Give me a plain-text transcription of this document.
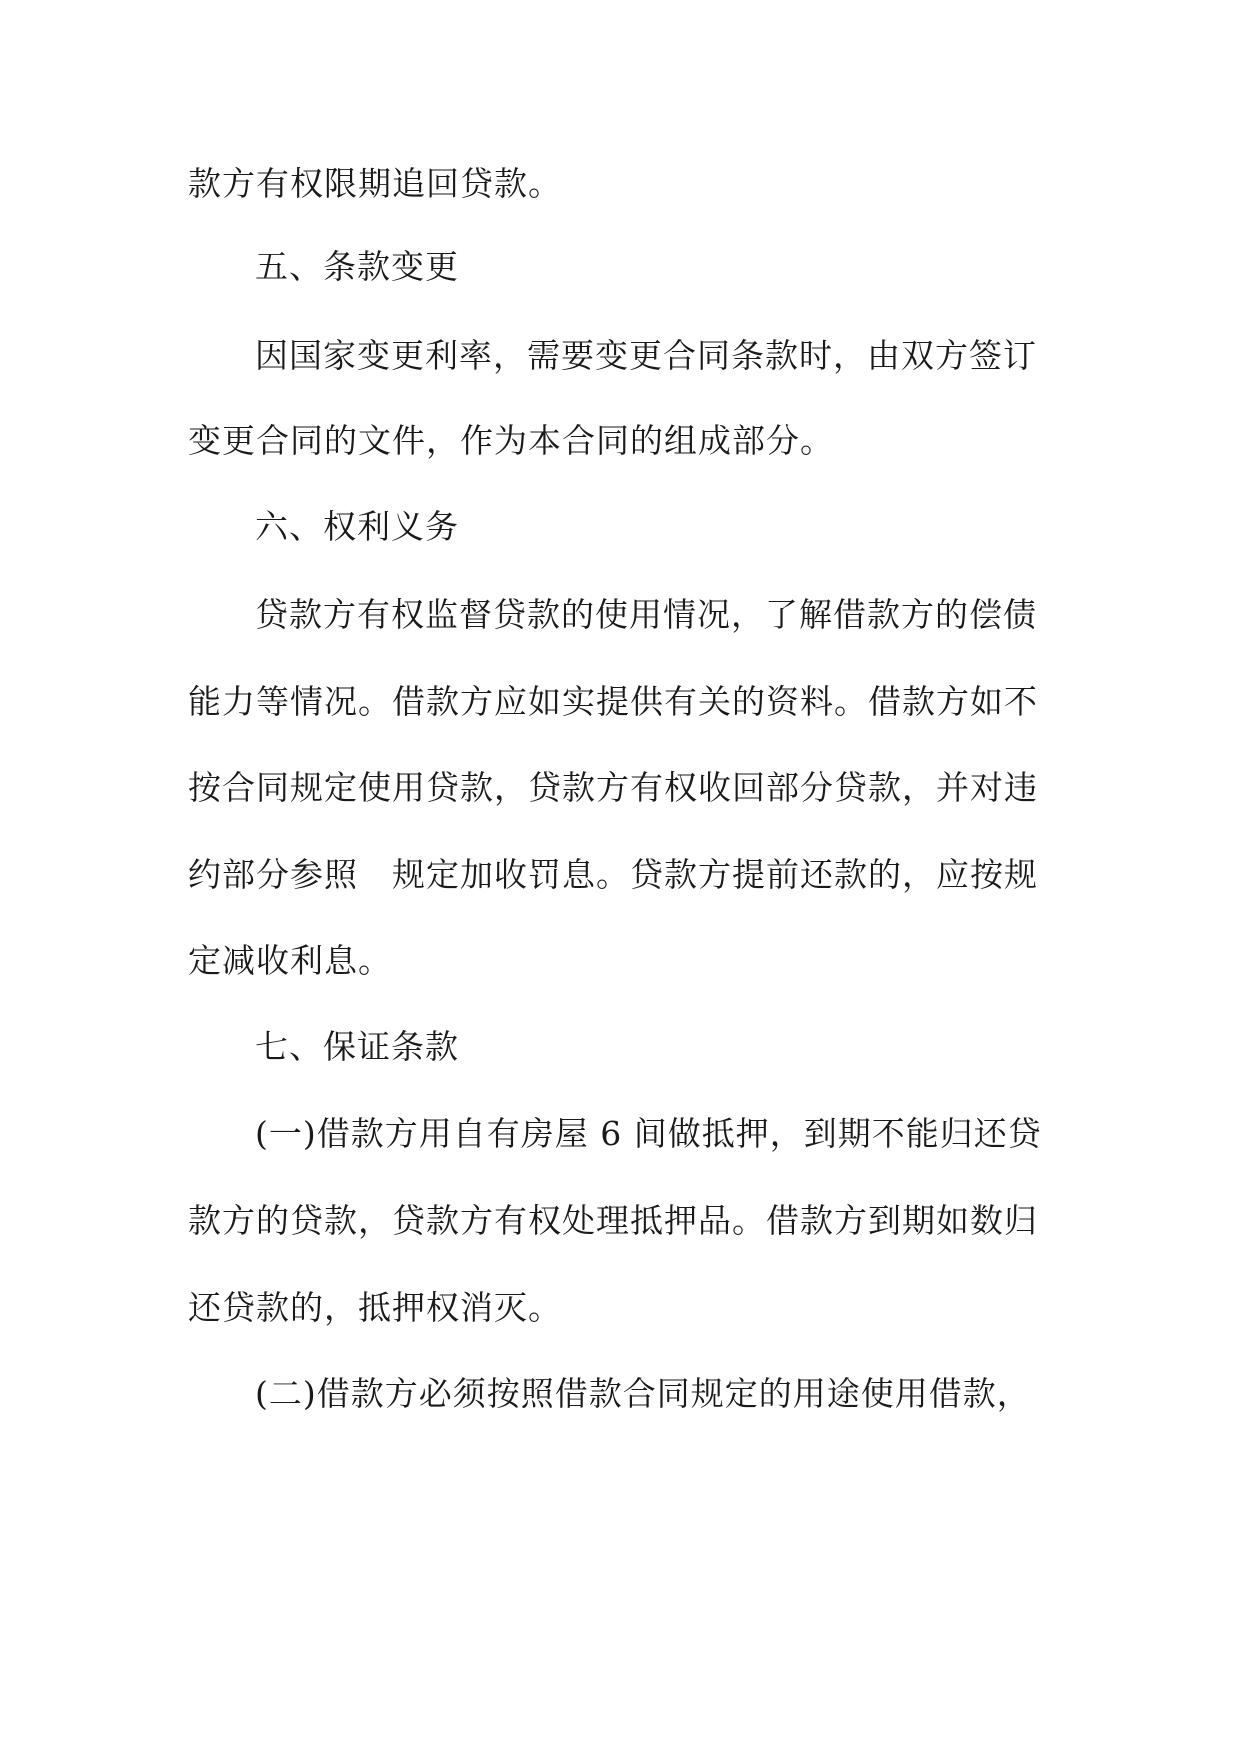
款方有权限期追回贷款。
五、条款变更
因国家变更利率，需要变更合同条款时，由双方签订
变更合同的文件，作为本合同的组成部分。
六、权利义务
贷款方有权监督贷款的使用情况，了解借款方的偿债
能力等情况。借款方应如实提供有关的资料。借款方如不
按合同规定使用贷款，贷款方有权收回部分贷款，并对违
约部分参照　规定加收罚息。贷款方提前还款的，应按规
定减收利息。
七、保证条款
(一)借款方用自有房屋 6 间做抵押，到期不能归还贷
款方的贷款，贷款方有权处理抵押品。借款方到期如数归
还贷款的，抵押权消灭。
(二)借款方必须按照借款合同规定的用途使用借款，
